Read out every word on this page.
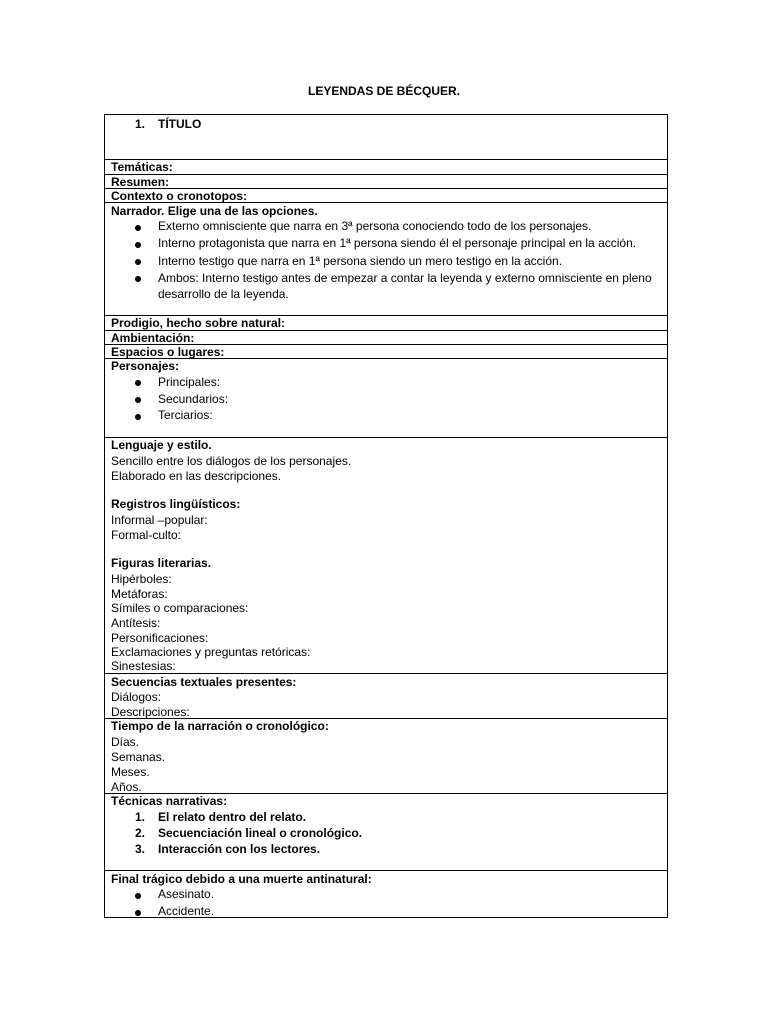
LEYENDAS DE BÉCQUER.
1. TÍTULO
Temáticas:
Resumen:
Contexto o cronotopos:
Narrador. Elige una de las opciones.
Externo omnisciente que narra en 3ª persona conociendo todo de los personajes.
Interno protagonista que narra en 1ª persona siendo él el personaje principal en la acción.
Interno testigo que narra en 1ª persona siendo un mero testigo en la acción.
Ambos: Interno testigo antes de empezar a contar la leyenda y externo omnisciente en pleno
desarrollo de la leyenda.
Prodigio, hecho sobre natural:
Ambientación:
Espacios o lugares:
Personajes:
Principales:
Secundarios:
Terciarios:
Lenguaje y estilo.
Sencillo entre los diálogos de los personajes.
Elaborado en las descripciones.
Registros lingüísticos:
Informal –popular:
Formal-culto:
Figuras literarias.
Hipérboles:
Metáforas:
Símiles o comparaciones:
Antítesis:
Personificaciones:
Exclamaciones y preguntas retóricas:
Sinestesias:
Secuencias textuales presentes:
Diálogos:
Descripciones:
Tiempo de la narración o cronológico:
Días.
Semanas.
Meses.
Años.
Técnicas narrativas:
1. El relato dentro del relato.
2. Secuenciación lineal o cronológico.
3. Interacción con los lectores.
Final trágico debido a una muerte antinatural:
Asesinato.
Accidente.
